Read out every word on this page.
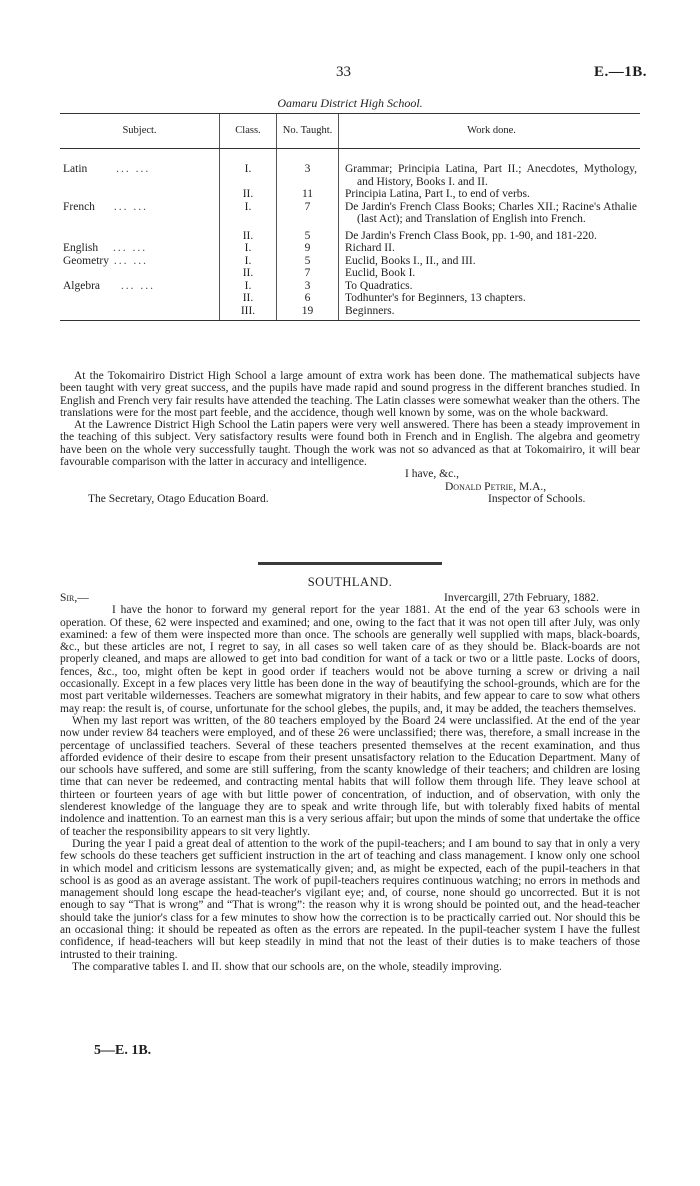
33	E.—1B.
Oamaru District High School.
Subject.	Class.	No. Taught.	Work done.

Latin ... ...	I.	3	Grammar; Principia Latina, Part II.; Anecdotes, Mythology, and History, Books I. and II.

	II.	11	Principia Latina, Part I., to end of verbs.

French ... ...	I.	7	De Jardin's French Class Books; Charles XII.; Racine's Athalie (last Act); and Translation of English into French.

	II.	5	De Jardin's French Class Book, pp. 1-90, and 181-220.

English ... ...	I.	9	Richard II.

Geometry ... ...	I.	5	Euclid, Books I., II., and III.

	II.	7	Euclid, Book I.

Algebra ... ...	I.	3	To Quadratics.

	II.	6	Todhunter's for Beginners, 13 chapters.

	III.	19	Beginners.

At the Tokomairiro District High School a large amount of extra work has been done. The mathematical subjects have been taught with very great success, and the pupils have made rapid and sound progress in the different branches studied. In English and French very fair results have attended the teaching. The Latin classes were somewhat weaker than the others. The translations were for the most part feeble, and the accidence, though well known by some, was on the whole backward.

At the Lawrence District High School the Latin papers were very well answered. There has been a steady improvement in the teaching of this subject. Very satisfactory results were found both in French and in English. The algebra and geometry have been on the whole very successfully taught. Though the work was not so advanced as that at Tokomairiro, it will bear favourable comparison with the latter in accuracy and intelligence.

I have, &c.,
Donald Petrie, M.A.,
The Secretary, Otago Education Board.	Inspector of Schools.
SOUTHLAND.
Sir,—	Invercargill, 27th February, 1882.

I have the honor to forward my general report for the year 1881. At the end of the year 63 schools were in operation. Of these, 62 were inspected and examined; and one, owing to the fact that it was not open till after July, was only examined: a few of them were inspected more than once. The schools are generally well supplied with maps, black-boards, &c., but these articles are not, I regret to say, in all cases so well taken care of as they should be. Black-boards are not properly cleaned, and maps are allowed to get into bad condition for want of a tack or two or a little paste. Locks of doors, fences, &c., too, might often be kept in good order if teachers would not be above turning a screw or driving a nail occasionally. Except in a few places very little has been done in the way of beautifying the school-grounds, which are for the most part veritable wildernesses. Teachers are somewhat migratory in their habits, and few appear to care to sow what others may reap: the result is, of course, unfortunate for the school glebes, the pupils, and, it may be added, the teachers themselves.

When my last report was written, of the 80 teachers employed by the Board 24 were unclassified. At the end of the year now under review 84 teachers were employed, and of these 26 were unclassified; there was, therefore, a small increase in the percentage of unclassified teachers. Several of these teachers presented themselves at the recent examination, and thus afforded evidence of their desire to escape from their present unsatisfactory relation to the Education Department. Many of our schools have suffered, and some are still suffering, from the scanty knowledge of their teachers; and children are losing time that can never be redeemed, and contracting mental habits that will follow them through life. They leave school at thirteen or fourteen years of age with but little power of concentration, of induction, and of observation, with only the slenderest knowledge of the language they are to speak and write through life, but with tolerably fixed habits of mental indolence and inattention. To an earnest man this is a very serious affair; but upon the minds of some that undertake the office of teacher the responsibility appears to sit very lightly.

During the year I paid a great deal of attention to the work of the pupil-teachers; and I am bound to say that in only a very few schools do these teachers get sufficient instruction in the art of teaching and class management. I know only one school in which model and criticism lessons are systematically given; and, as might be expected, each of the pupil-teachers in that school is as good as an average assistant. The work of pupil-teachers requires continuous watching; no errors in methods and management should long escape the head-teacher's vigilant eye; and, of course, none should go uncorrected. But it is not enough to say “That is wrong” and “That is wrong”: the reason why it is wrong should be pointed out, and the head-teacher should take the junior's class for a few minutes to show how the correction is to be practically carried out. Nor should this be an occasional thing: it should be repeated as often as the errors are repeated. In the pupil-teacher system I have the fullest confidence, if head-teachers will but keep steadily in mind that not the least of their duties is to make teachers of those intrusted to their training.

The comparative tables I. and II. show that our schools are, on the whole, steadily improving.

5—E. 1B.
